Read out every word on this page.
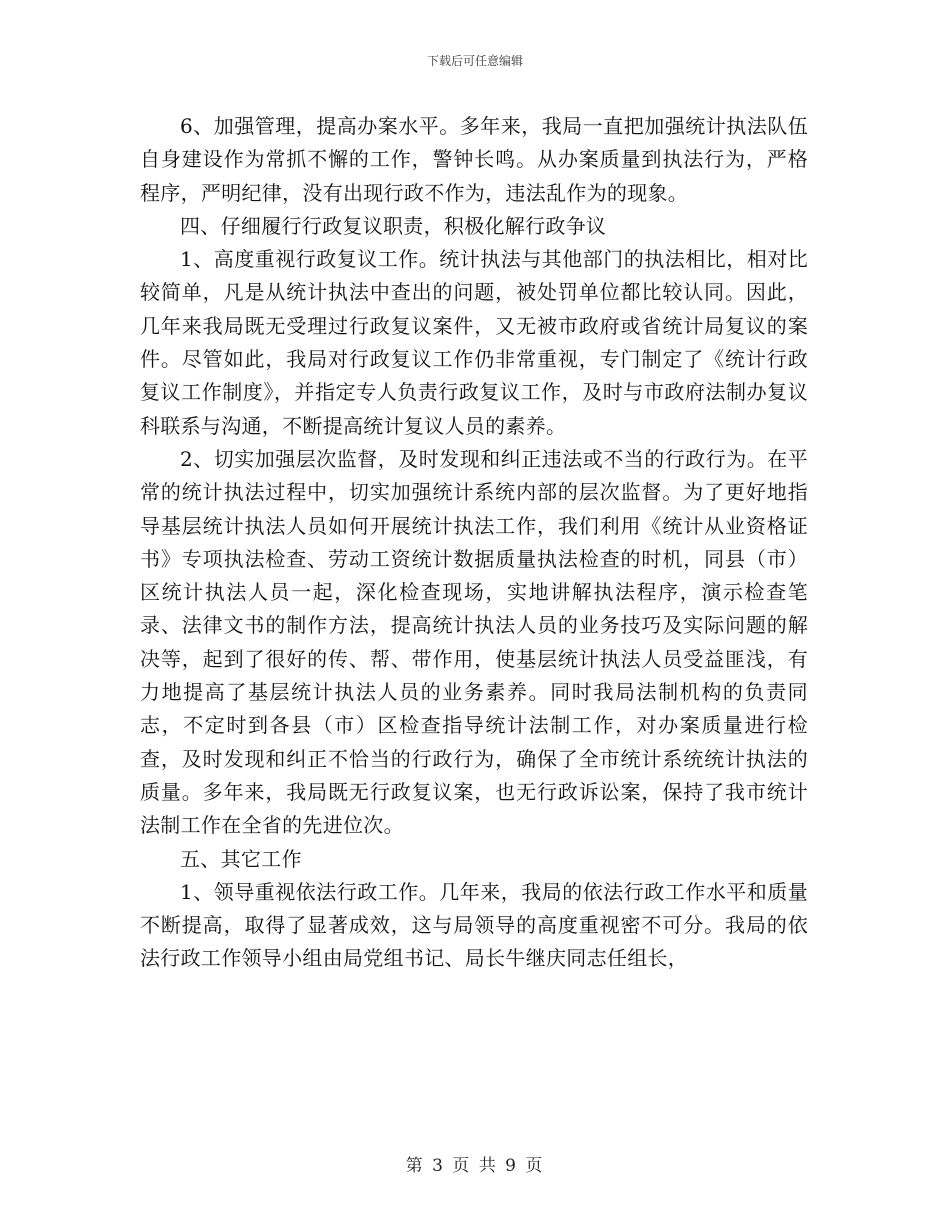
下载后可任意编辑

6、加强管理，提高办案水平。多年来，我局一直把加强统计执法队伍自身建设作为常抓不懈的工作，警钟长鸣。从办案质量到执法行为，严格程序，严明纪律，没有出现行政不作为，违法乱作为的现象。

四、仔细履行行政复议职责，积极化解行政争议

1、高度重视行政复议工作。统计执法与其他部门的执法相比，相对比较简单，凡是从统计执法中查出的问题，被处罚单位都比较认同。因此，几年来我局既无受理过行政复议案件，又无被市政府或省统计局复议的案件。尽管如此，我局对行政复议工作仍非常重视，专门制定了《统计行政复议工作制度》，并指定专人负责行政复议工作，及时与市政府法制办复议科联系与沟通，不断提高统计复议人员的素养。

2、切实加强层次监督，及时发现和纠正违法或不当的行政行为。在平常的统计执法过程中，切实加强统计系统内部的层次监督。为了更好地指导基层统计执法人员如何开展统计执法工作，我们利用《统计从业资格证书》专项执法检查、劳动工资统计数据质量执法检查的时机，同县（市）区统计执法人员一起，深化检查现场，实地讲解执法程序，演示检查笔录、法律文书的制作方法，提高统计执法人员的业务技巧及实际问题的解决等，起到了很好的传、帮、带作用，使基层统计执法人员受益匪浅，有力地提高了基层统计执法人员的业务素养。同时我局法制机构的负责同志，不定时到各县（市）区检查指导统计法制工作，对办案质量进行检查，及时发现和纠正不恰当的行政行为，确保了全市统计系统统计执法的质量。多年来，我局既无行政复议案，也无行政诉讼案，保持了我市统计法制工作在全省的先进位次。

五、其它工作

1、领导重视依法行政工作。几年来，我局的依法行政工作水平和质量不断提高，取得了显著成效，这与局领导的高度重视密不可分。我局的依法行政工作领导小组由局党组书记、局长牛继庆同志任组长，

第 3 页 共 9 页
